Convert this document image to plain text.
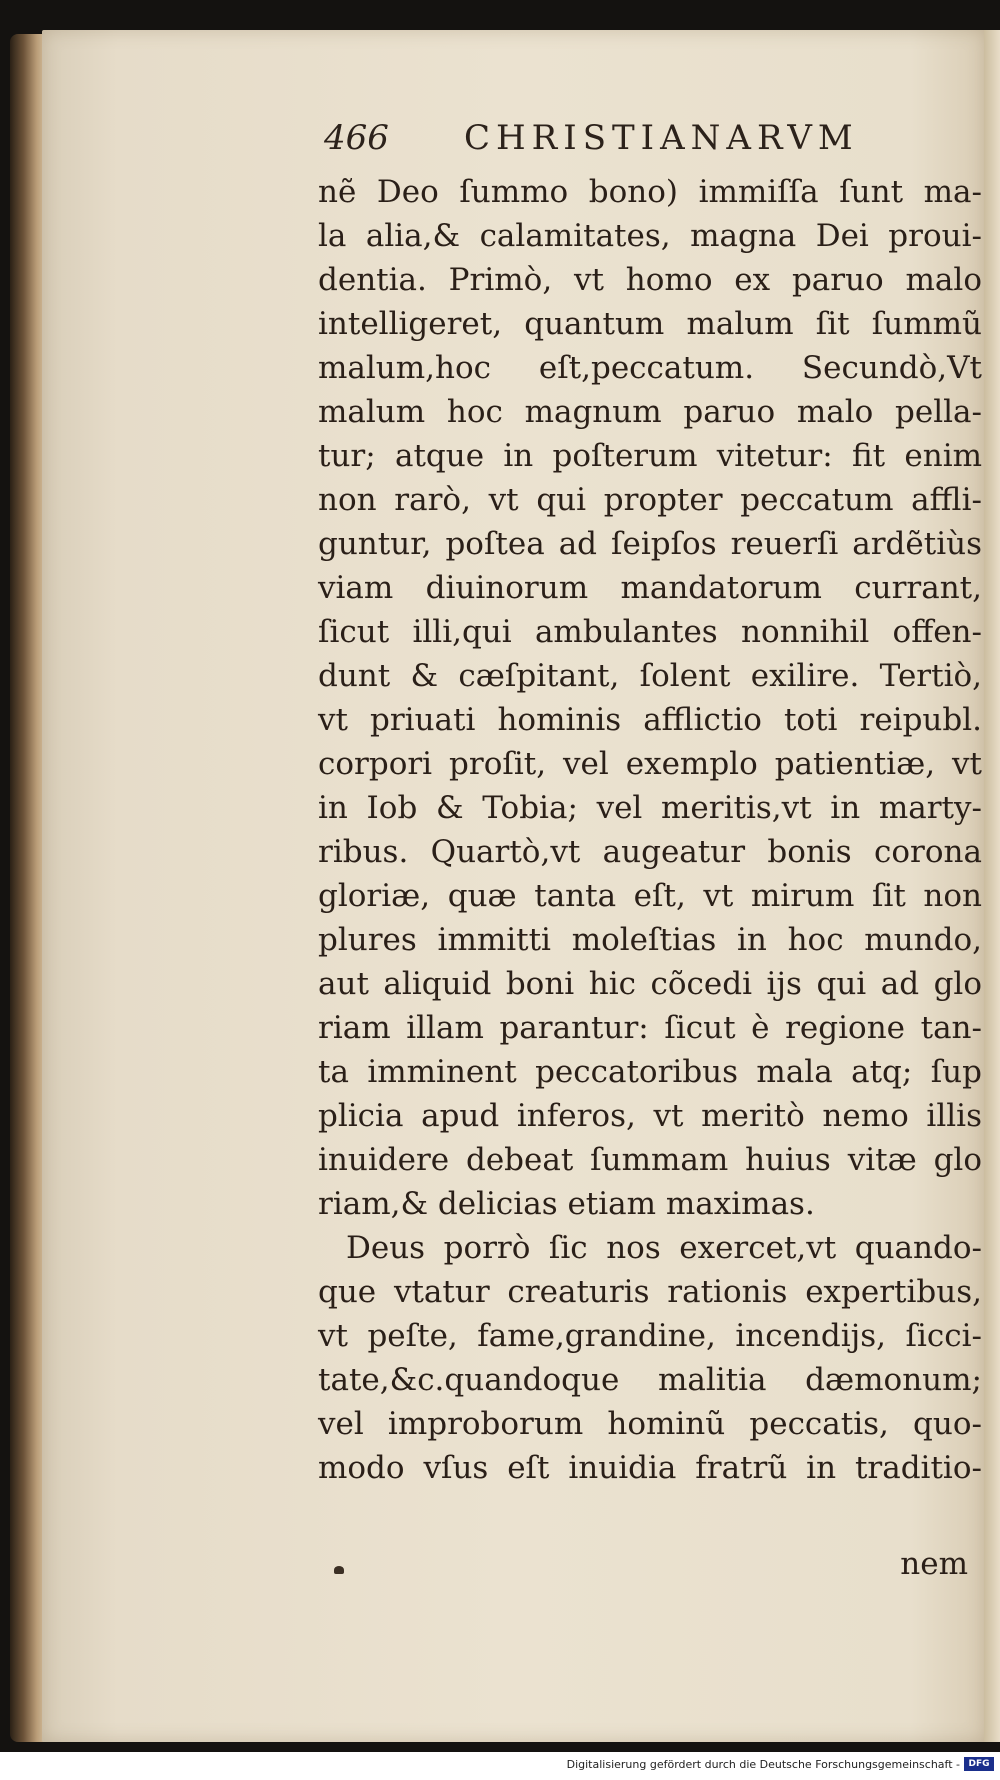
466 CHRISTIANARVM
nẽ Deo ſummo bono) immiſſa ſunt ma-
la alia,& calamitates, magna Dei proui-
dentia. Primò, vt homo ex paruo malo
intelligeret, quantum malum ſit ſummũ
malum,hoc eſt,peccatum. Secundò,Vt
malum hoc magnum paruo malo pella-
tur; atque in poſterum vitetur: fit enim
non rarò, vt qui propter peccatum affli-
guntur, poſtea ad ſeipſos reuerſi ardẽtiùs
viam diuinorum mandatorum currant,
ſicut illi,qui ambulantes nonnihil offen-
dunt & cæſpitant, ſolent exilire. Tertiò,
vt priuati hominis afflictio toti reipubl.
corpori proſit, vel exemplo patientiæ, vt
in Iob & Tobia; vel meritis,vt in marty-
ribus. Quartò,vt augeatur bonis corona
gloriæ, quæ tanta eſt, vt mirum ſit non
plures immitti moleſtias in hoc mundo,
aut aliquid boni hic cõcedi ijs qui ad glo
riam illam parantur: ſicut è regione tan-
ta imminent peccatoribus mala atq; ſup
plicia apud inferos, vt meritò nemo illis
inuidere debeat ſummam huius vitæ glo
riam,& delicias etiam maximas.
Deus porrò ſic nos exercet,vt quando-
que vtatur creaturis rationis expertibus,
vt peſte, fame,grandine, incendijs, ſicci-
tate,&c.quandoque malitia dæmonum;
vel improborum hominũ peccatis, quo-
modo vſus eſt inuidia fratrũ in traditio-
nem
Digitalisierung gefördert durch die Deutsche Forschungsgemeinschaft - DFG
